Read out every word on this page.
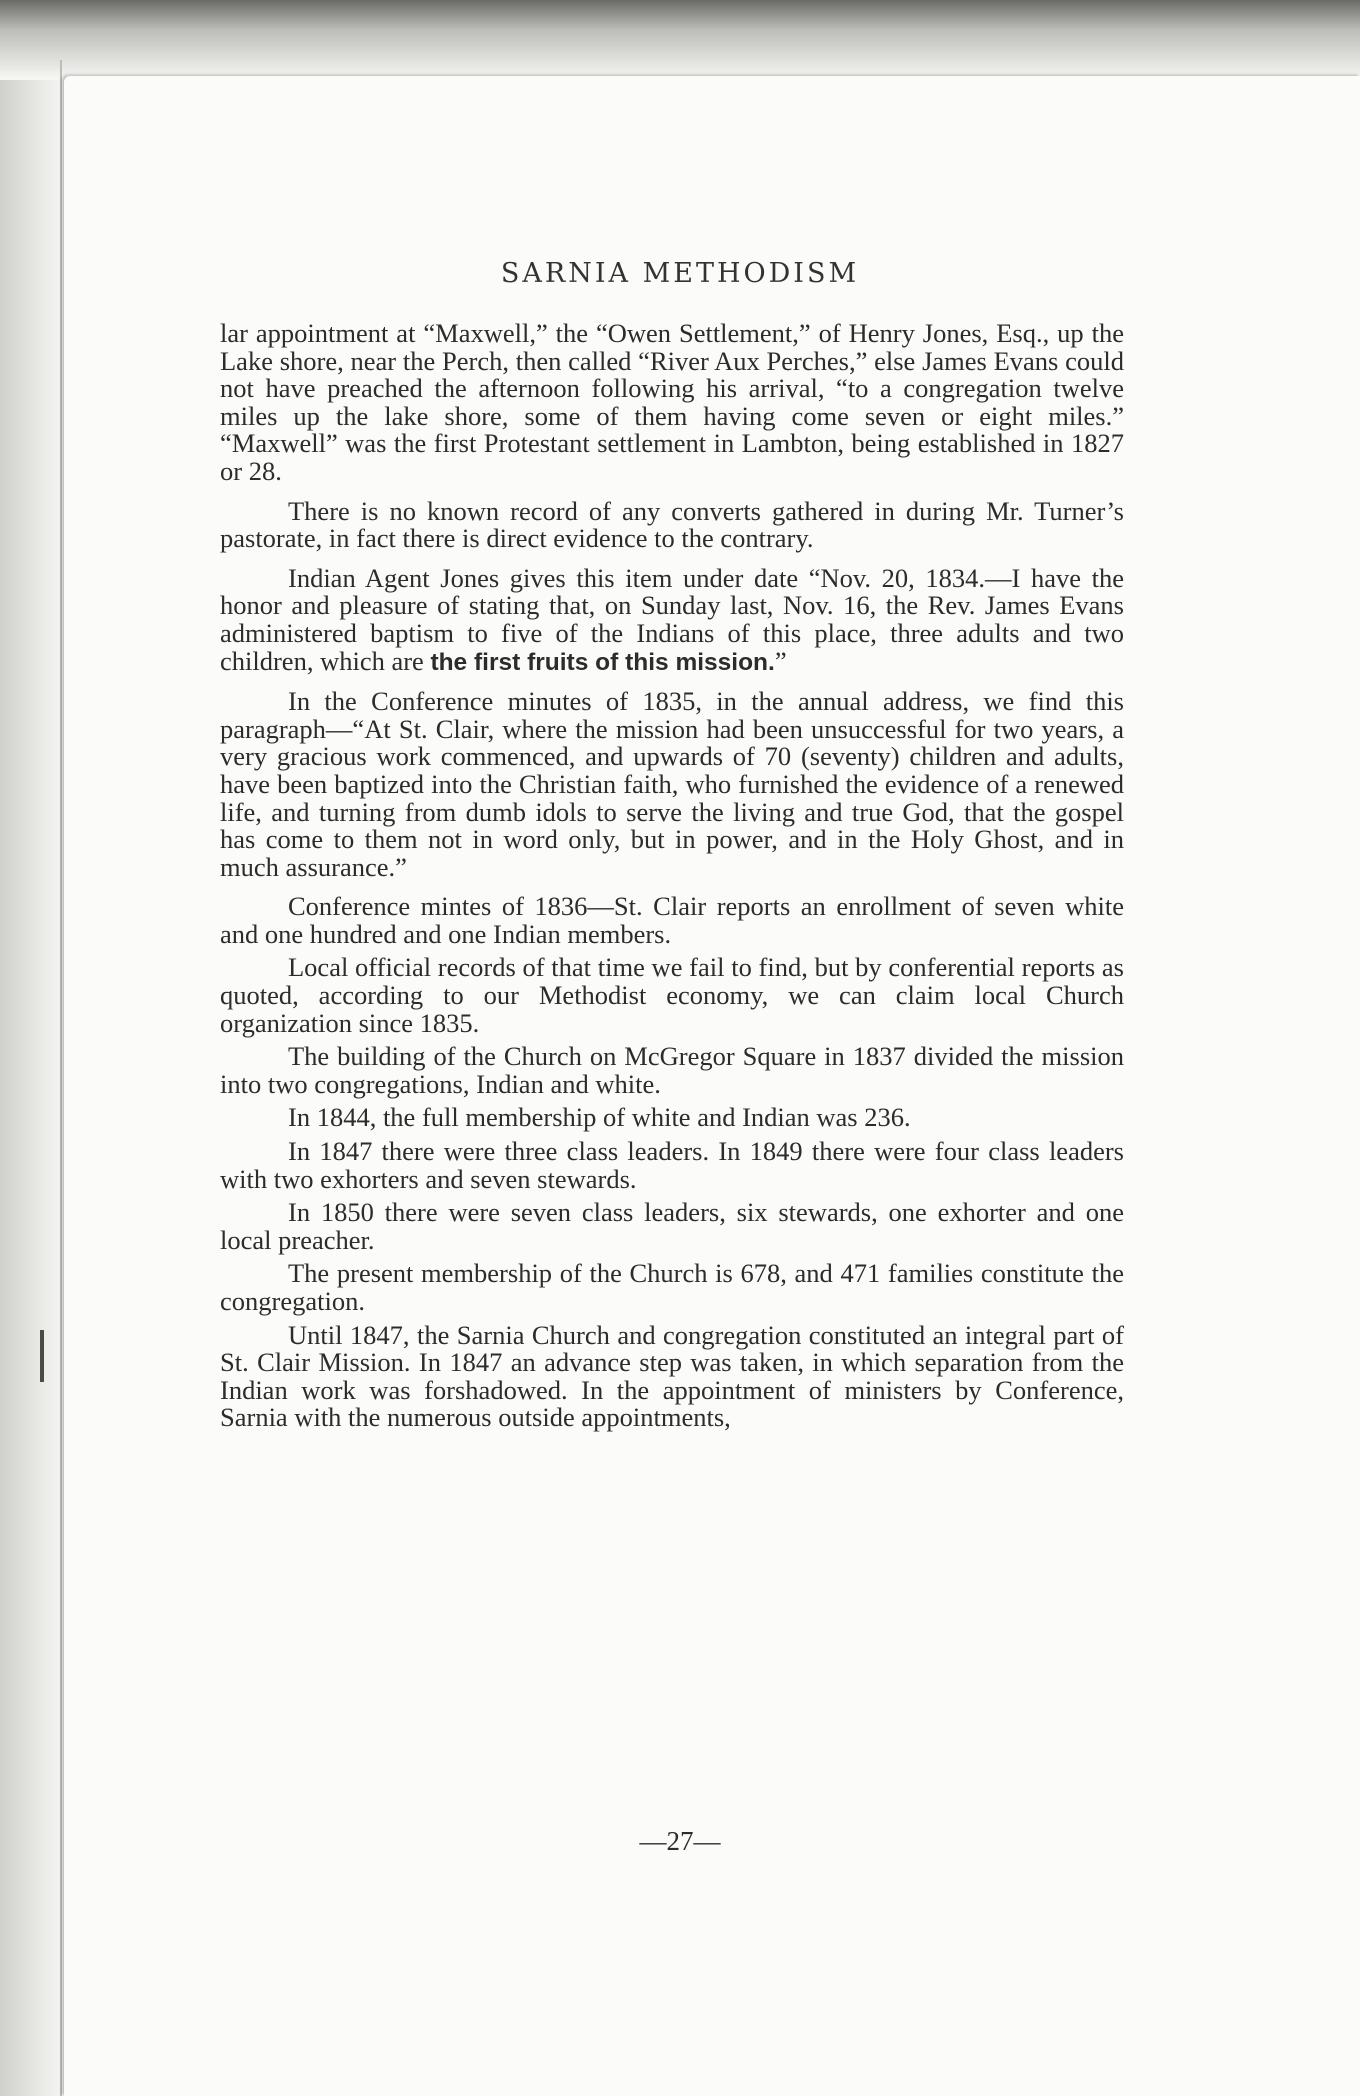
SARNIA METHODISM

lar appointment at “Maxwell,” the “Owen Settlement,” of Henry Jones, Esq., up the Lake shore, near the Perch, then called “River Aux Perches,” else James Evans could not have preached the afternoon following his arrival, “to a congregation twelve miles up the lake shore, some of them having come seven or eight miles.” “Maxwell” was the first Protestant settlement in Lambton, being established in 1827 or 28.

There is no known record of any converts gathered in during Mr. Turner’s pastorate, in fact there is direct evidence to the contrary.

Indian Agent Jones gives this item under date “Nov. 20, 1834.—I have the honor and pleasure of stating that, on Sunday last, Nov. 16, the Rev. James Evans administered baptism to five of the Indians of this place, three adults and two children, which are the first fruits of this mission.”

In the Conference minutes of 1835, in the annual address, we find this paragraph—“At St. Clair, where the mission had been unsuccessful for two years, a very gracious work commenced, and upwards of 70 (seventy) children and adults, have been baptized into the Christian faith, who furnished the evidence of a renewed life, and turning from dumb idols to serve the living and true God, that the gospel has come to them not in word only, but in power, and in the Holy Ghost, and in much assurance.”

Conference mintes of 1836—St. Clair reports an enrollment of seven white and one hundred and one Indian members.

Local official records of that time we fail to find, but by conferential reports as quoted, according to our Methodist economy, we can claim local Church organization since 1835.

The building of the Church on McGregor Square in 1837 divided the mission into two congregations, Indian and white.

In 1844, the full membership of white and Indian was 236.

In 1847 there were three class leaders. In 1849 there were four class leaders with two exhorters and seven stewards.

In 1850 there were seven class leaders, six stewards, one exhorter and one local preacher.

The present membership of the Church is 678, and 471 families constitute the congregation.

Until 1847, the Sarnia Church and congregation constituted an integral part of St. Clair Mission. In 1847 an advance step was taken, in which separation from the Indian work was forshadowed. In the appointment of ministers by Conference, Sarnia with the numerous outside appointments,

—27—
